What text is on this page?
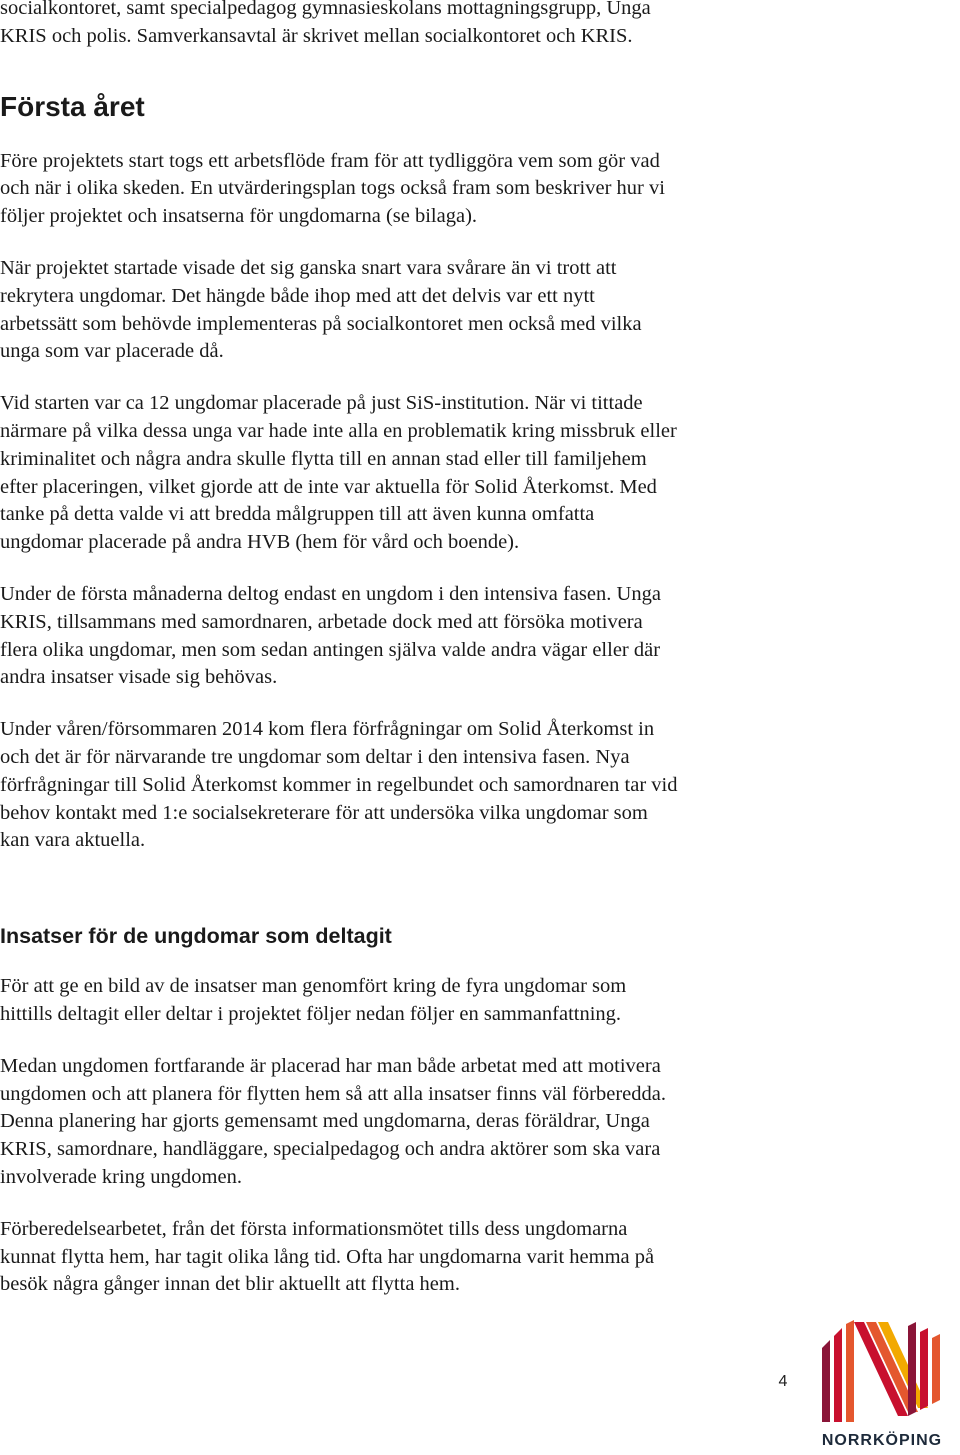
socialkontoret, samt specialpedagog gymnasieskolans mottagningsgrupp, Unga
KRIS och polis. Samverkansavtal är skrivet mellan socialkontoret och KRIS.

Första året

Före projektets start togs ett arbetsflöde fram för att tydliggöra vem som gör vad
och när i olika skeden. En utvärderingsplan togs också fram som beskriver hur vi
följer projektet och insatserna för ungdomarna (se bilaga).

När projektet startade visade det sig ganska snart vara svårare än vi trott att
rekrytera ungdomar. Det hängde både ihop med att det delvis var ett nytt
arbetssätt som behövde implementeras på socialkontoret men också med vilka
unga som var placerade då.

Vid starten var ca 12 ungdomar placerade på just SiS-institution. När vi tittade
närmare på vilka dessa unga var hade inte alla en problematik kring missbruk eller
kriminalitet och några andra skulle flytta till en annan stad eller till familjehem
efter placeringen, vilket gjorde att de inte var aktuella för Solid Återkomst. Med
tanke på detta valde vi att bredda målgruppen till att även kunna omfatta
ungdomar placerade på andra HVB (hem för vård och boende).

Under de första månaderna deltog endast en ungdom i den intensiva fasen. Unga
KRIS, tillsammans med samordnaren, arbetade dock med att försöka motivera
flera olika ungdomar, men som sedan antingen själva valde andra vägar eller där
andra insatser visade sig behövas.

Under våren/försommaren 2014 kom flera förfrågningar om Solid Återkomst in
och det är för närvarande tre ungdomar som deltar i den intensiva fasen. Nya
förfrågningar till Solid Återkomst kommer in regelbundet och samordnaren tar vid
behov kontakt med 1:e socialsekreterare för att undersöka vilka ungdomar som
kan vara aktuella.

Insatser för de ungdomar som deltagit

För att ge en bild av de insatser man genomfört kring de fyra ungdomar som
hittills deltagit eller deltar i projektet följer nedan följer en sammanfattning.

Medan ungdomen fortfarande är placerad har man både arbetat med att motivera
ungdomen och att planera för flytten hem så att alla insatser finns väl förberedda.
Denna planering har gjorts gemensamt med ungdomarna, deras föräldrar, Unga
KRIS, samordnare, handläggare, specialpedagog och andra aktörer som ska vara
involverade kring ungdomen.

Förberedelsearbetet, från det första informationsmötet tills dess ungdomarna
kunnat flytta hem, har tagit olika lång tid. Ofta har ungdomarna varit hemma på
besök några gånger innan det blir aktuellt att flytta hem.

4
NORRKÖPING
